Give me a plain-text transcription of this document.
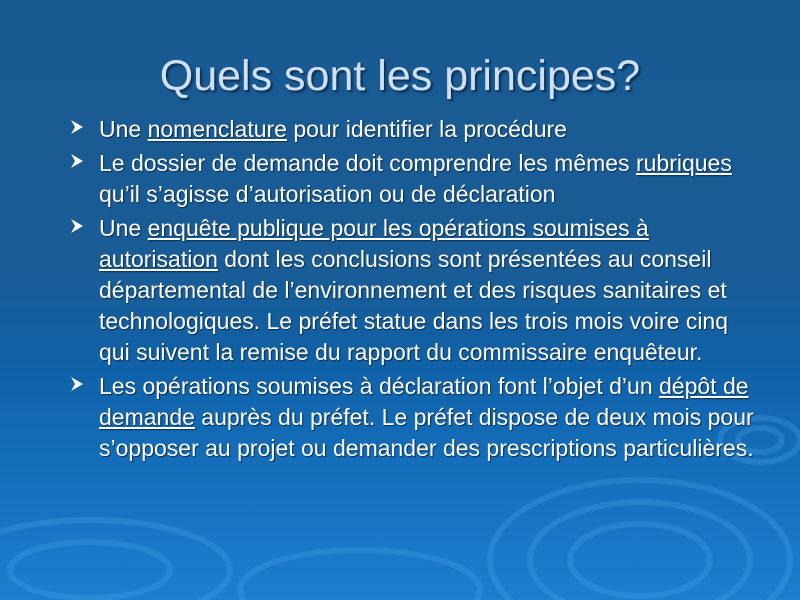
Quels sont les principes?
Une nomenclature pour identifier la procédure
Le dossier de demande doit comprendre les mêmes rubriques qu’il s’agisse d’autorisation ou de déclaration
Une enquête publique pour les opérations soumises à autorisation dont les conclusions sont présentées au conseil départemental de l’environnement et des risques sanitaires et technologiques. Le préfet statue dans les trois mois voire cinq qui suivent la remise du rapport du commissaire enquêteur.
Les opérations soumises à déclaration font l’objet d’un dépôt de demande auprès du préfet. Le préfet dispose de deux mois pour s’opposer au projet ou demander des prescriptions particulières.
